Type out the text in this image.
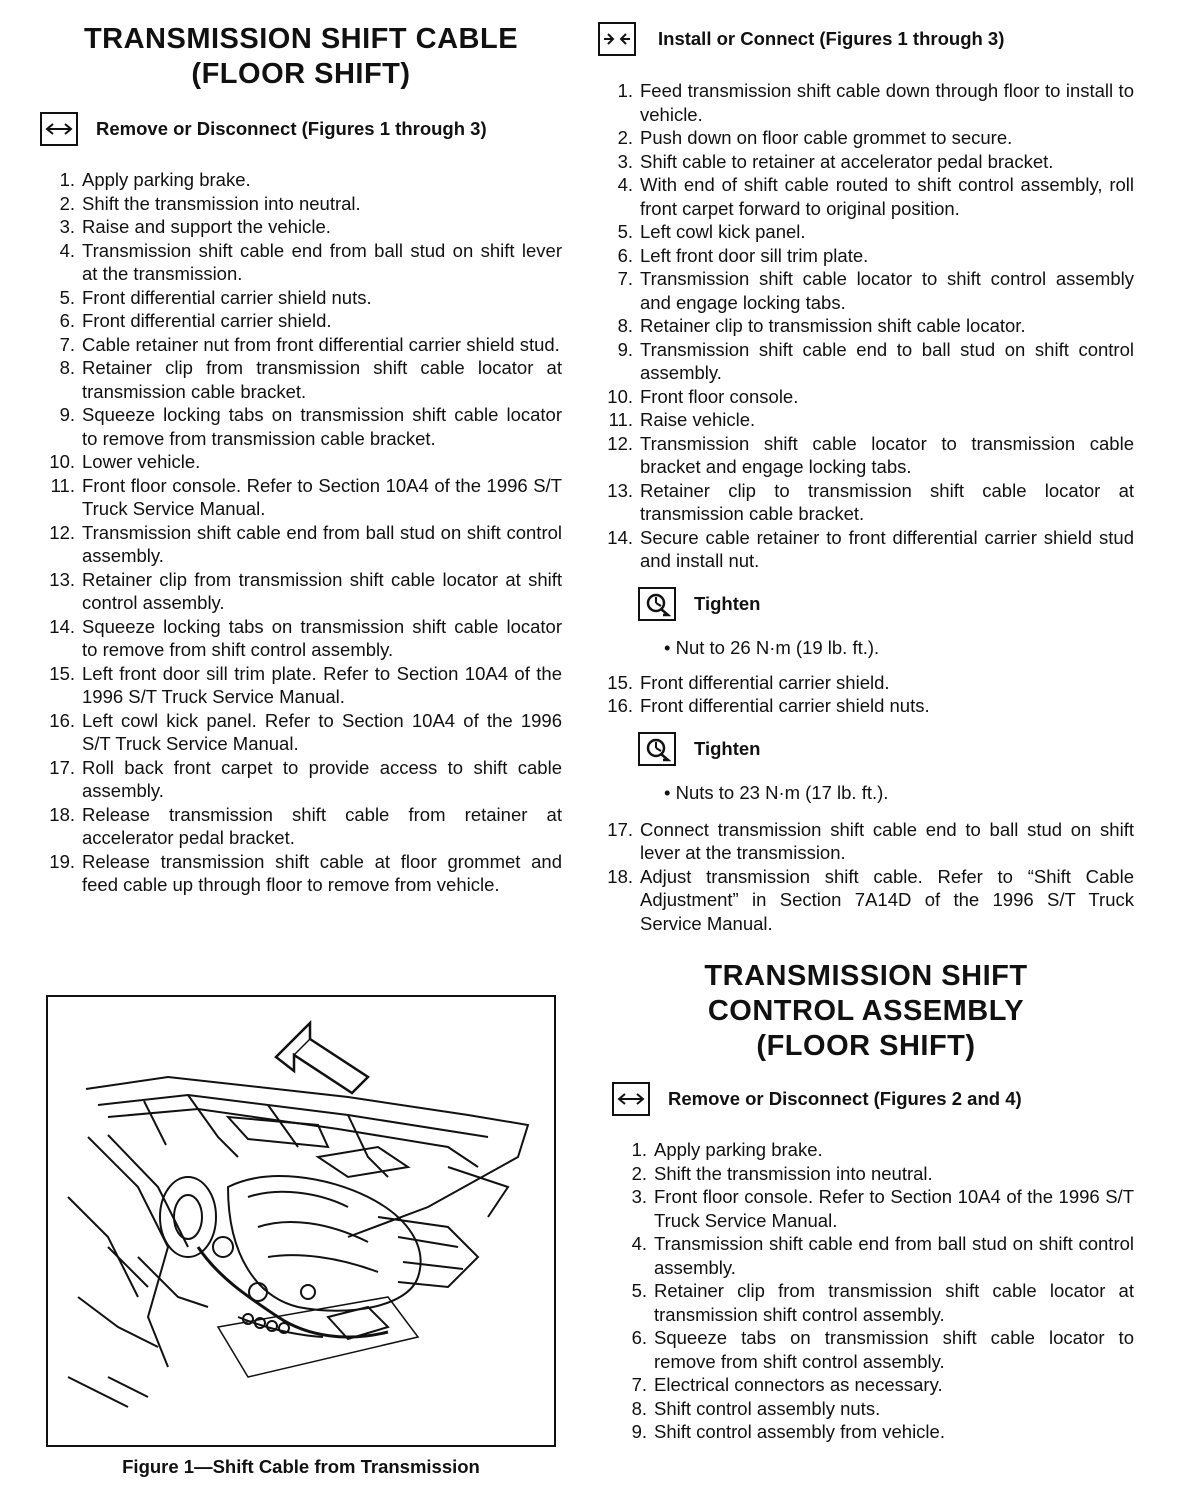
TRANSMISSION SHIFT CABLE
(FLOOR SHIFT)
Remove or Disconnect (Figures 1 through 3)
1. Apply parking brake.
2. Shift the transmission into neutral.
3. Raise and support the vehicle.
4. Transmission shift cable end from ball stud on shift lever at the transmission.
5. Front differential carrier shield nuts.
6. Front differential carrier shield.
7. Cable retainer nut from front differential carrier shield stud.
8. Retainer clip from transmission shift cable locator at transmission cable bracket.
9. Squeeze locking tabs on transmission shift cable locator to remove from transmission cable bracket.
10. Lower vehicle.
11. Front floor console. Refer to Section 10A4 of the 1996 S/T Truck Service Manual.
12. Transmission shift cable end from ball stud on shift control assembly.
13. Retainer clip from transmission shift cable locator at shift control assembly.
14. Squeeze locking tabs on transmission shift cable locator to remove from shift control assembly.
15. Left front door sill trim plate. Refer to Section 10A4 of the 1996 S/T Truck Service Manual.
16. Left cowl kick panel. Refer to Section 10A4 of the 1996 S/T Truck Service Manual.
17. Roll back front carpet to provide access to shift cable assembly.
18. Release transmission shift cable from retainer at accelerator pedal bracket.
19. Release transmission shift cable at floor grommet and feed cable up through floor to remove from vehicle.
Figure 1—Shift Cable from Transmission
Install or Connect (Figures 1 through 3)
1. Feed transmission shift cable down through floor to install to vehicle.
2. Push down on floor cable grommet to secure.
3. Shift cable to retainer at accelerator pedal bracket.
4. With end of shift cable routed to shift control assembly, roll front carpet forward to original position.
5. Left cowl kick panel.
6. Left front door sill trim plate.
7. Transmission shift cable locator to shift control assembly and engage locking tabs.
8. Retainer clip to transmission shift cable locator.
9. Transmission shift cable end to ball stud on shift control assembly.
10. Front floor console.
11. Raise vehicle.
12. Transmission shift cable locator to transmission cable bracket and engage locking tabs.
13. Retainer clip to transmission shift cable locator at transmission cable bracket.
14. Secure cable retainer to front differential carrier shield stud and install nut.
Tighten
• Nut to 26 N·m (19 lb. ft.).
15. Front differential carrier shield.
16. Front differential carrier shield nuts.
Tighten
• Nuts to 23 N·m (17 lb. ft.).
17. Connect transmission shift cable end to ball stud on shift lever at the transmission.
18. Adjust transmission shift cable. Refer to “Shift Cable Adjustment” in Section 7A14D of the 1996 S/T Truck Service Manual.
TRANSMISSION SHIFT
CONTROL ASSEMBLY
(FLOOR SHIFT)
Remove or Disconnect (Figures 2 and 4)
1. Apply parking brake.
2. Shift the transmission into neutral.
3. Front floor console. Refer to Section 10A4 of the 1996 S/T Truck Service Manual.
4. Transmission shift cable end from ball stud on shift control assembly.
5. Retainer clip from transmission shift cable locator at transmission shift control assembly.
6. Squeeze tabs on transmission shift cable locator to remove from shift control assembly.
7. Electrical connectors as necessary.
8. Shift control assembly nuts.
9. Shift control assembly from vehicle.
